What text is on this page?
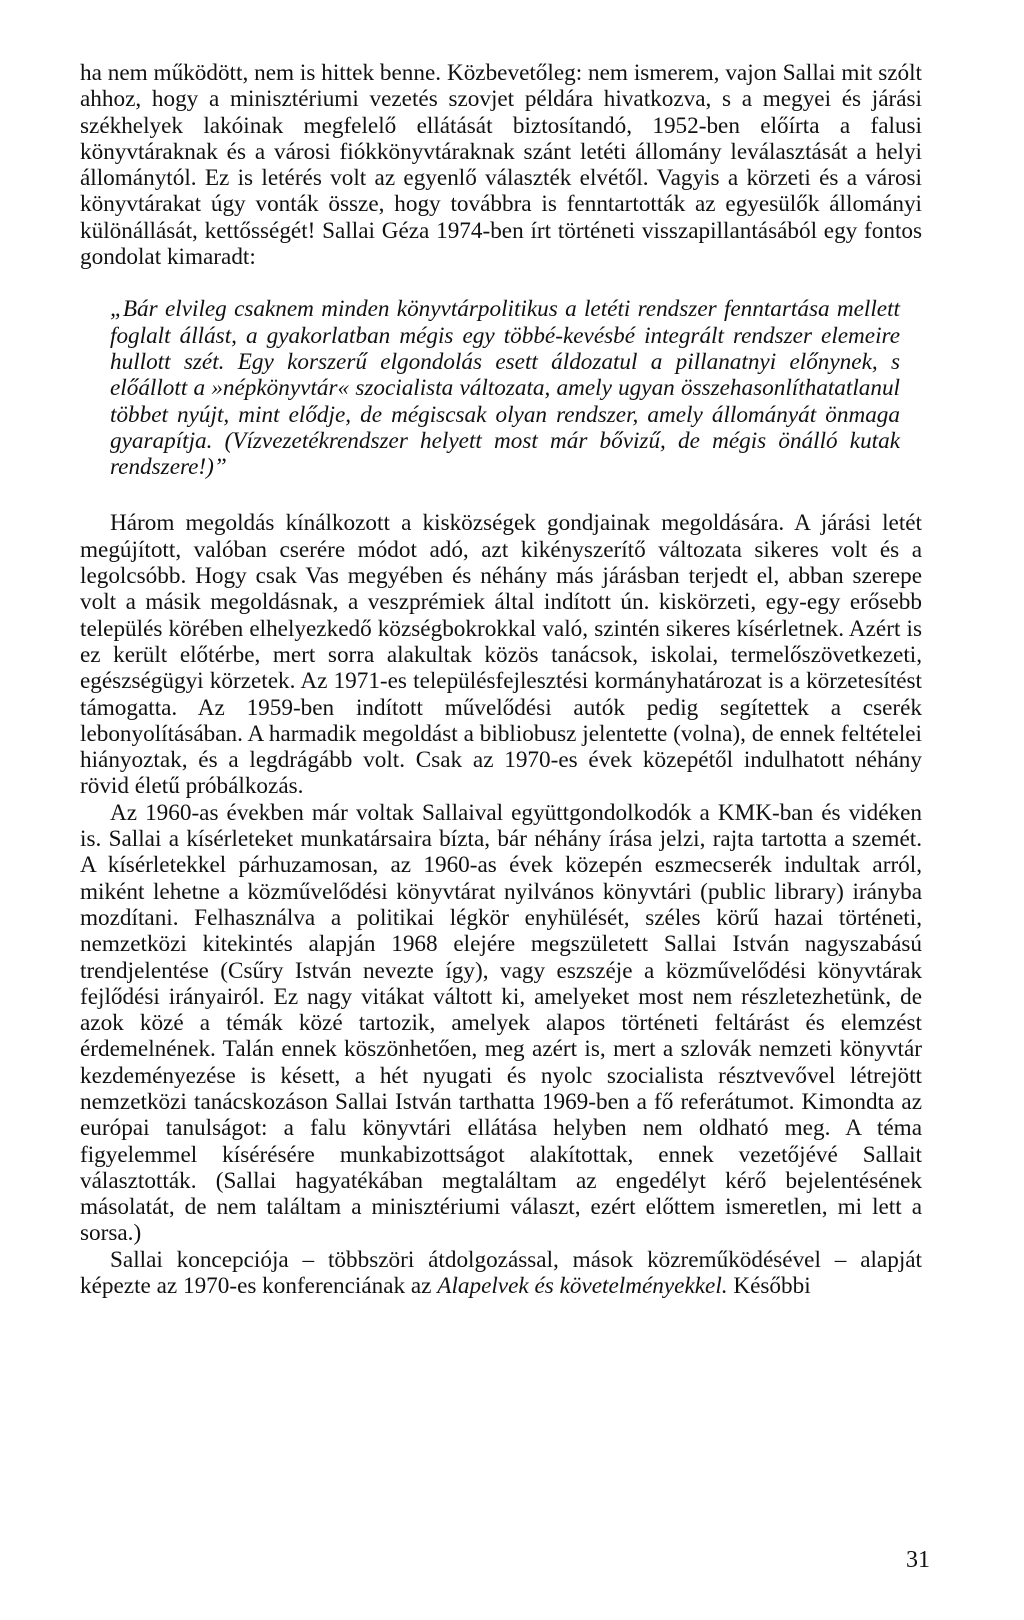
ha nem működött, nem is hittek benne. Közbevetőleg: nem ismerem, vajon Sallai mit szólt ahhoz, hogy a minisztériumi vezetés szovjet példára hivatkozva, s a megyei és járási székhelyek lakóinak megfelelő ellátását biztosítandó, 1952-ben előírta a falusi könyvtáraknak és a városi fiókkönyvtáraknak szánt letéti állomány leválasztását a helyi állománytól. Ez is letérés volt az egyenlő választék elvétől. Vagyis a körzeti és a városi könyvtárakat úgy vonták össze, hogy továbbra is fenntartották az egyesülők állományi különállását, kettősségét! Sallai Géza 1974-ben írt történeti visszapillantásából egy fontos gondolat kimaradt:

„Bár elvileg csaknem minden könyvtárpolitikus a letéti rendszer fenntartása mellett foglalt állást, a gyakorlatban mégis egy többé-kevésbé integrált rendszer elemeire hullott szét. Egy korszerű elgondolás esett áldozatul a pillanatnyi előnynek, s előállott a »népkönyvtár« szocialista változata, amely ugyan összehasonlíthatatlanul többet nyújt, mint elődje, de mégiscsak olyan rendszer, amely állományát önmaga gyarapítja. (Vízvezetékrendszer helyett most már bővizű, de mégis önálló kutak rendszere!)”

Három megoldás kínálkozott a kisközségek gondjainak megoldására. A járási letét megújított, valóban cserére módot adó, azt kikényszerítő változata sikeres volt és a legolcsóbb. Hogy csak Vas megyében és néhány más járásban terjedt el, abban szerepe volt a másik megoldásnak, a veszprémiek által indított ún. kiskörzeti, egy-egy erősebb település körében elhelyezkedő községbokrokkal való, szintén sikeres kísérletnek. Azért is ez került előtérbe, mert sorra alakultak közös tanácsok, iskolai, termelőszövetkezeti, egészségügyi körzetek. Az 1971-es településfejlesztési kormányhatározat is a körzetesítést támogatta. Az 1959-ben indított művelődési autók pedig segítettek a cserék lebonyolításában. A harmadik megoldást a bibliobusz jelentette (volna), de ennek feltételei hiányoztak, és a legdrágább volt. Csak az 1970-es évek közepétől indulhatott néhány rövid életű próbálkozás.

Az 1960-as években már voltak Sallaival együttgondolkodók a KMK-ban és vidéken is. Sallai a kísérleteket munkatársaira bízta, bár néhány írása jelzi, rajta tartotta a szemét. A kísérletekkel párhuzamosan, az 1960-as évek közepén eszmecserék indultak arról, miként lehetne a közművelődési könyvtárat nyilvános könyvtári (public library) irányba mozdítani. Felhasználva a politikai légkör enyhülését, széles körű hazai történeti, nemzetközi kitekintés alapján 1968 elejére megszületett Sallai István nagyszabású trendjelentése (Csűry István nevezte így), vagy eszszéje a közművelődési könyvtárak fejlődési irányairól. Ez nagy vitákat váltott ki, amelyeket most nem részletezhetünk, de azok közé a témák közé tartozik, amelyek alapos történeti feltárást és elemzést érdemelnének. Talán ennek köszönhetően, meg azért is, mert a szlovák nemzeti könyvtár kezdeményezése is késett, a hét nyugati és nyolc szocialista résztvevővel létrejött nemzetközi tanácskozáson Sallai István tarthatta 1969-ben a fő referátumot. Kimondta az európai tanulságot: a falu könyvtári ellátása helyben nem oldható meg. A téma figyelemmel kísérésére munkabizottságot alakítottak, ennek vezetőjévé Sallait választották. (Sallai hagyatékában megtaláltam az engedélyt kérő bejelentésének másolatát, de nem találtam a minisztériumi választ, ezért előttem ismeretlen, mi lett a sorsa.)

Sallai koncepciója – többszöri átdolgozással, mások közreműködésével – alapját képezte az 1970-es konferenciának az Alapelvek és követelményekkel. Későbbi

31
